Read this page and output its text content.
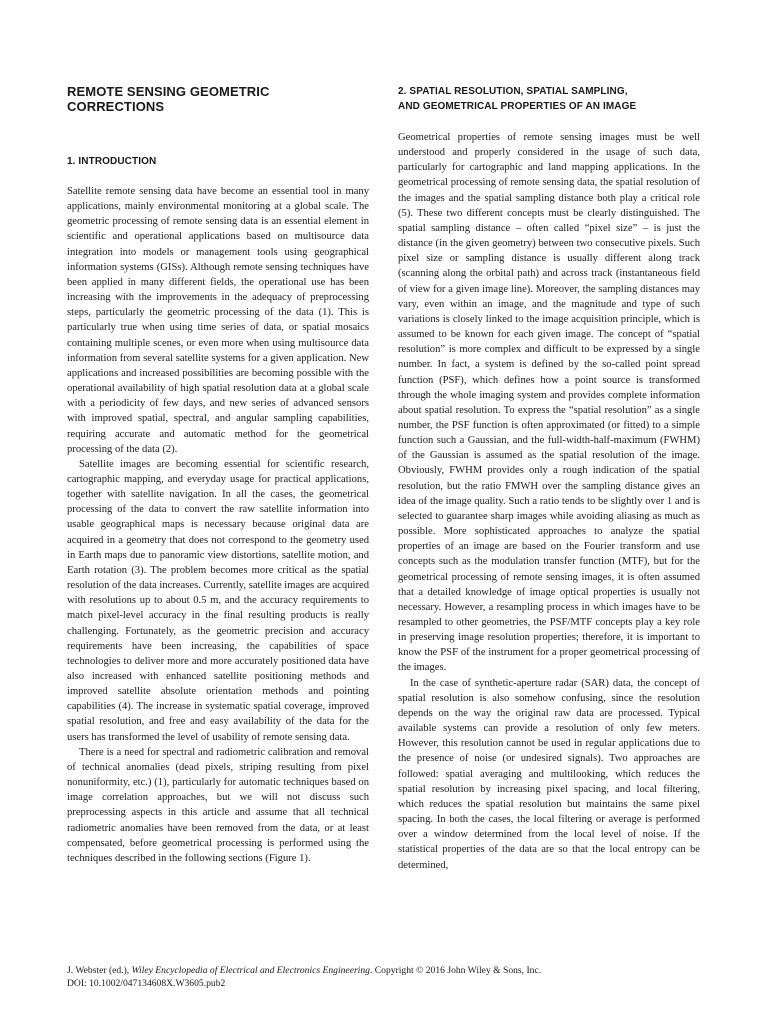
REMOTE SENSING GEOMETRIC CORRECTIONS
1. INTRODUCTION

Satellite remote sensing data have become an essential tool in many applications, mainly environmental monitoring at a global scale. The geometric processing of remote sensing data is an essential element in scientific and operational applications based on multisource data integration into models or management tools using geographical information systems (GISs). Although remote sensing techniques have been applied in many different fields, the operational use has been increasing with the improvements in the adequacy of preprocessing steps, particularly the geometric processing of the data (1). This is particularly true when using time series of data, or spatial mosaics containing multiple scenes, or even more when using multisource data information from several satellite systems for a given application. New applications and increased possibilities are becoming possible with the operational availability of high spatial resolution data at a global scale with a periodicity of few days, and new series of advanced sensors with improved spatial, spectral, and angular sampling capabilities, requiring accurate and automatic method for the geometrical processing of the data (2).

Satellite images are becoming essential for scientific research, cartographic mapping, and everyday usage for practical applications, together with satellite navigation. In all the cases, the geometrical processing of the data to convert the raw satellite information into usable geographical maps is necessary because original data are acquired in a geometry that does not correspond to the geometry used in Earth maps due to panoramic view distortions, satellite motion, and Earth rotation (3). The problem becomes more critical as the spatial resolution of the data increases. Currently, satellite images are acquired with resolutions up to about 0.5 m, and the accuracy requirements to match pixel-level accuracy in the final resulting products is really challenging. Fortunately, as the geometric precision and accuracy requirements have been increasing, the capabilities of space technologies to deliver more and more accurately positioned data have also increased with enhanced satellite positioning methods and improved satellite absolute orientation methods and pointing capabilities (4). The increase in systematic spatial coverage, improved spatial resolution, and free and easy availability of the data for the users has transformed the level of usability of remote sensing data.

There is a need for spectral and radiometric calibration and removal of technical anomalies (dead pixels, striping resulting from pixel nonuniformity, etc.) (1), particularly for automatic techniques based on image correlation approaches, but we will not discuss such preprocessing aspects in this article and assume that all technical radiometric anomalies have been removed from the data, or at least compensated, before geometrical processing is performed using the techniques described in the following sections (Figure 1).

2. SPATIAL RESOLUTION, SPATIAL SAMPLING,
AND GEOMETRICAL PROPERTIES OF AN IMAGE

Geometrical properties of remote sensing images must be well understood and properly considered in the usage of such data, particularly for cartographic and land mapping applications. In the geometrical processing of remote sensing data, the spatial resolution of the images and the spatial sampling distance both play a critical role (5). These two different concepts must be clearly distinguished. The spatial sampling distance – often called “pixel size” – is just the distance (in the given geometry) between two consecutive pixels. Such pixel size or sampling distance is usually different along track (scanning along the orbital path) and across track (instantaneous field of view for a given image line). Moreover, the sampling distances may vary, even within an image, and the magnitude and type of such variations is closely linked to the image acquisition principle, which is assumed to be known for each given image. The concept of “spatial resolution” is more complex and difficult to be expressed by a single number. In fact, a system is defined by the so-called point spread function (PSF), which defines how a point source is transformed through the whole imaging system and provides complete information about spatial resolution. To express the “spatial resolution” as a single number, the PSF function is often approximated (or fitted) to a simple function such a Gaussian, and the full-width-half-maximum (FWHM) of the Gaussian is assumed as the spatial resolution of the image. Obviously, FWHM provides only a rough indication of the spatial resolution, but the ratio FMWH over the sampling distance gives an idea of the image quality. Such a ratio tends to be slightly over 1 and is selected to guarantee sharp images while avoiding aliasing as much as possible. More sophisticated approaches to analyze the spatial properties of an image are based on the Fourier transform and use concepts such as the modulation transfer function (MTF), but for the geometrical processing of remote sensing images, it is often assumed that a detailed knowledge of image optical properties is usually not necessary. However, a resampling process in which images have to be resampled to other geometries, the PSF/MTF concepts play a key role in preserving image resolution properties; therefore, it is important to know the PSF of the instrument for a proper geometrical processing of the images.

In the case of synthetic-aperture radar (SAR) data, the concept of spatial resolution is also somehow confusing, since the resolution depends on the way the original raw data are processed. Typical available systems can provide a resolution of only few meters. However, this resolution cannot be used in regular applications due to the presence of noise (or undesired signals). Two approaches are followed: spatial averaging and multilooking, which reduces the spatial resolution by increasing pixel spacing, and local filtering, which reduces the spatial resolution but maintains the same pixel spacing. In both the cases, the local filtering or average is performed over a window determined from the local level of noise. If the statistical properties of the data are so that the local entropy can be determined,

J. Webster (ed.), Wiley Encyclopedia of Electrical and Electronics Engineering. Copyright © 2016 John Wiley & Sons, Inc.
DOI: 10.1002/047134608X.W3605.pub2
